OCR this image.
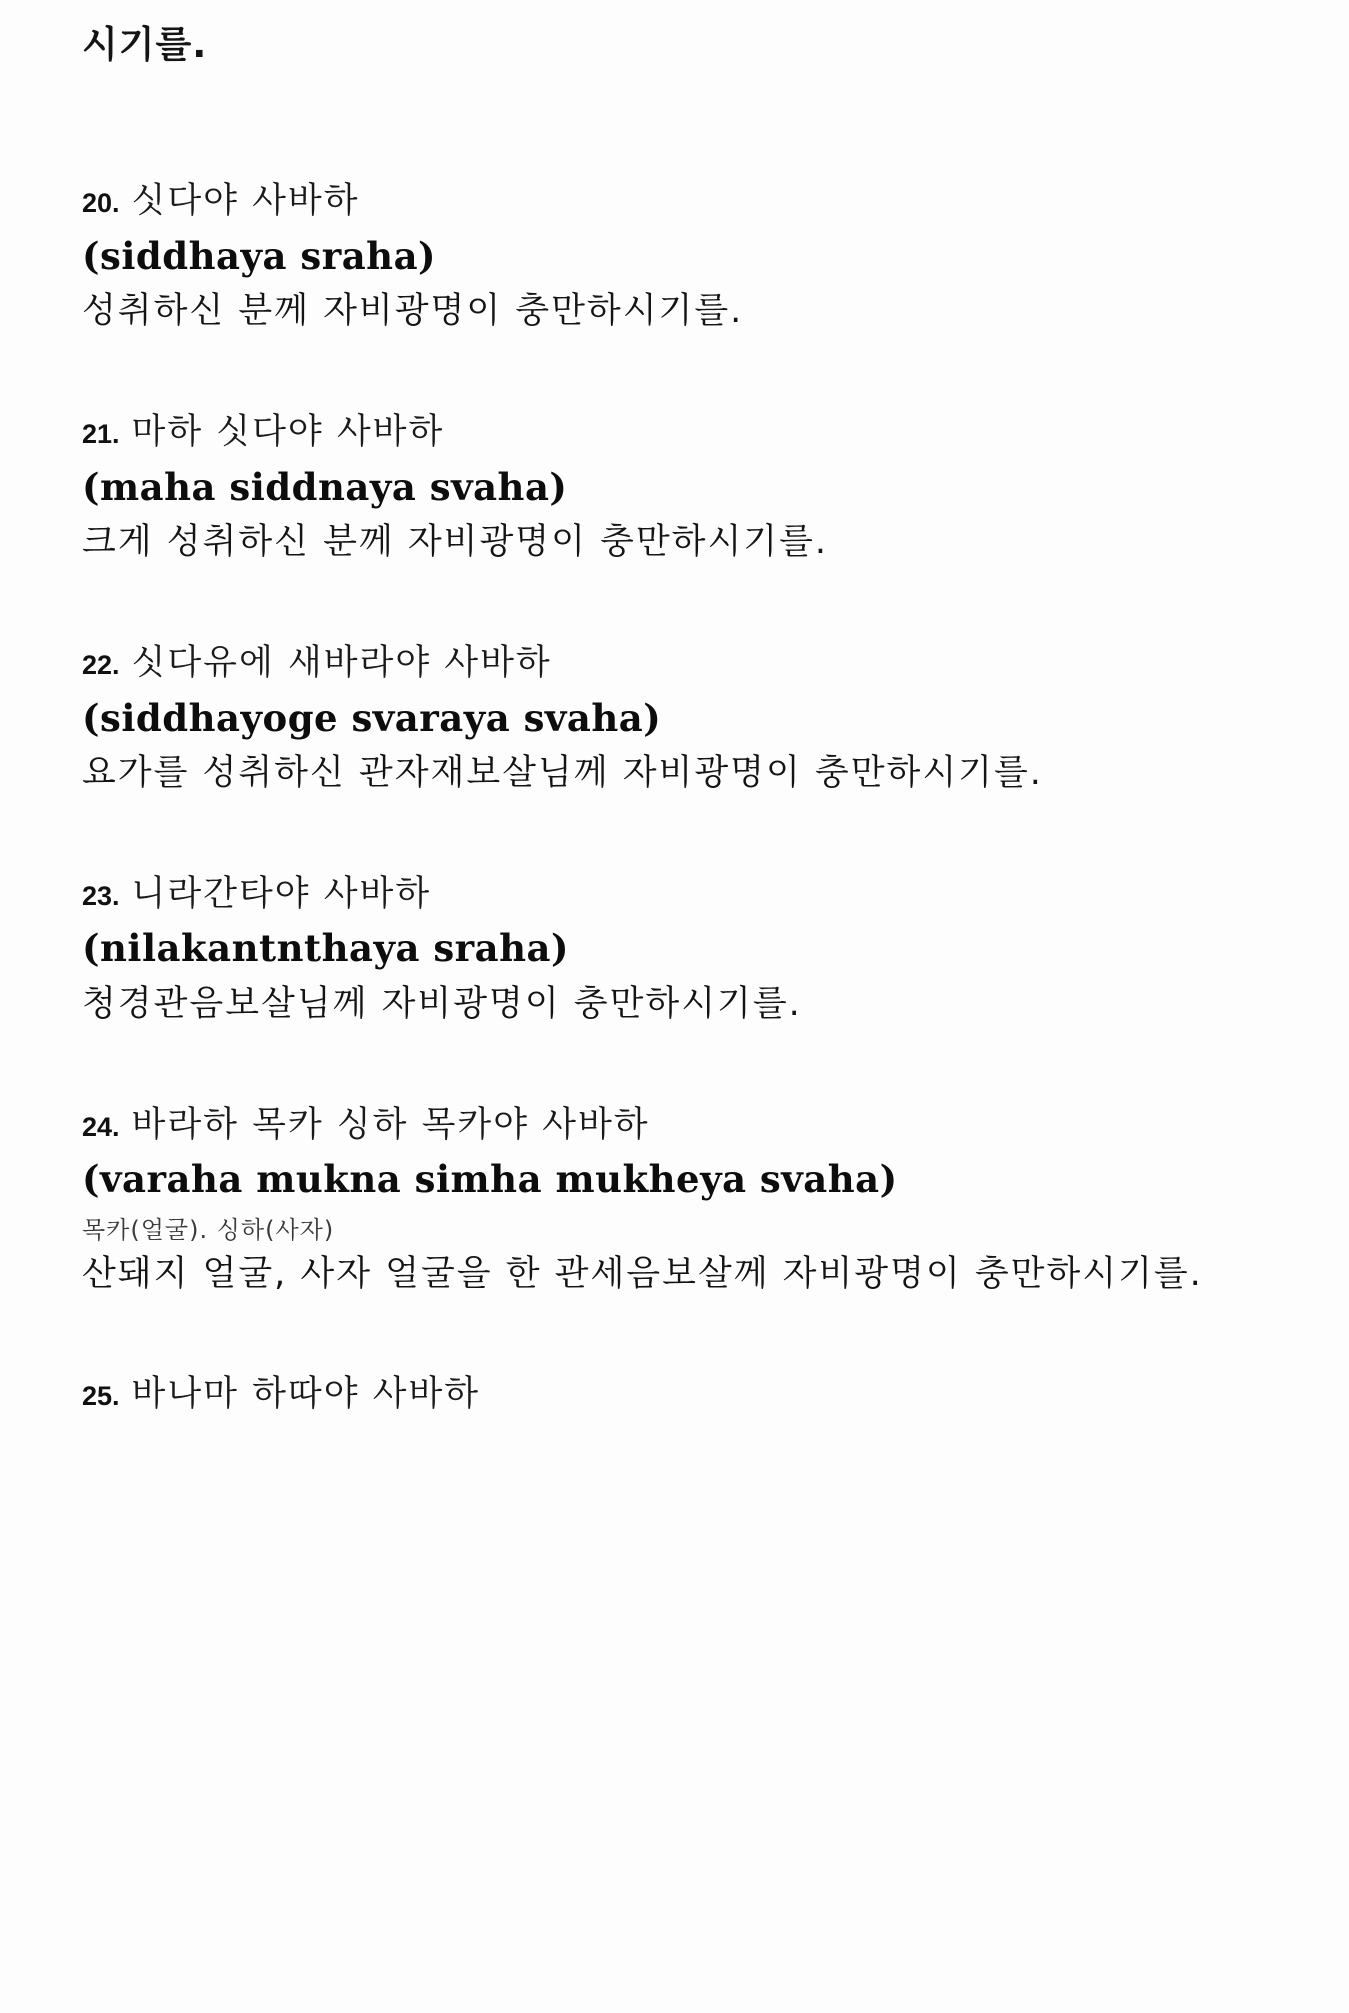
시기를.
20. 싯다야 사바하
(siddhaya sraha)
성취하신 분께 자비광명이 충만하시기를.
21. 마하 싯다야 사바하
(maha siddnaya svaha)
크게 성취하신 분께 자비광명이 충만하시기를.
22. 싯다유에 새바라야 사바하
(siddhayoge svaraya svaha)
요가를 성취하신 관자재보살님께 자비광명이 충만하시기를.
23. 니라간타야 사바하
(nilakantnthaya sraha)
청경관음보살님께 자비광명이 충만하시기를.
24. 바라하 목카 싱하 목카야 사바하
(varaha mukna simha mukheya svaha)
목카(얼굴). 싱하(사자)
산돼지 얼굴, 사자 얼굴을 한 관세음보살께 자비광명이 충만하시기를.
25. 바나마 하따야 사바하
